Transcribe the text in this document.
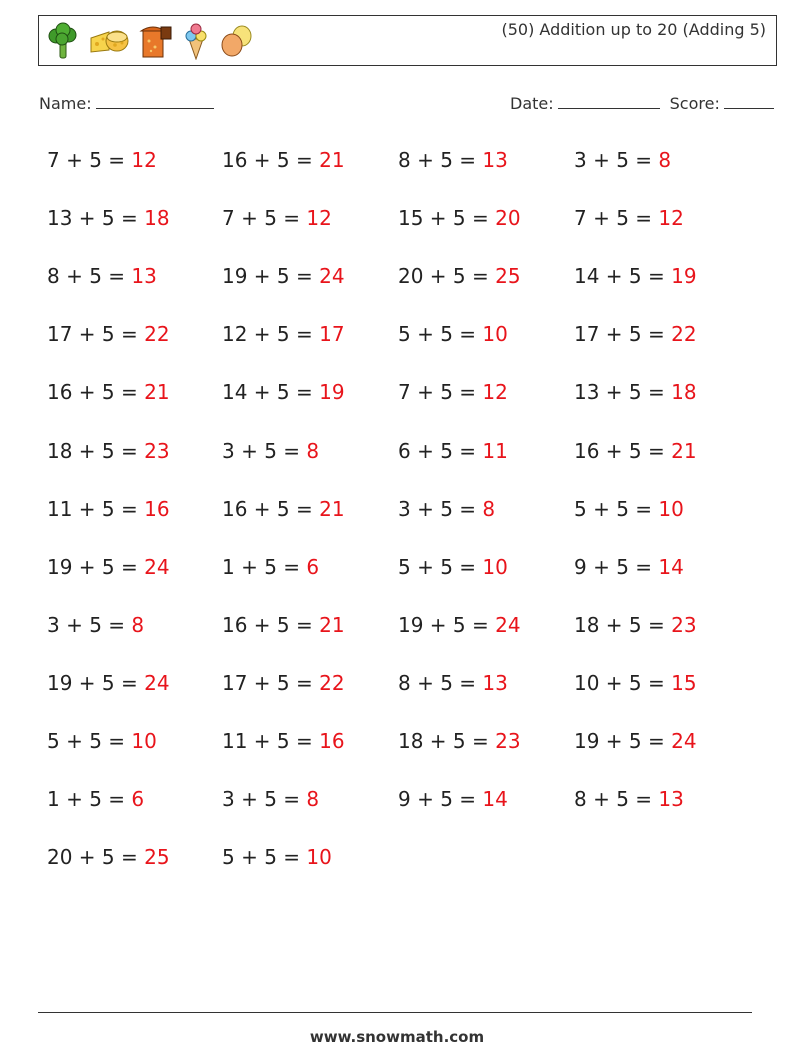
(50) Addition up to 20 (Adding 5)
Name:	Date:	Score:
7 + 5 = 12	16 + 5 = 21	8 + 5 = 13	3 + 5 = 8
13 + 5 = 18	7 + 5 = 12	15 + 5 = 20	7 + 5 = 12
8 + 5 = 13	19 + 5 = 24	20 + 5 = 25	14 + 5 = 19
17 + 5 = 22	12 + 5 = 17	5 + 5 = 10	17 + 5 = 22
16 + 5 = 21	14 + 5 = 19	7 + 5 = 12	13 + 5 = 18
18 + 5 = 23	3 + 5 = 8	6 + 5 = 11	16 + 5 = 21
11 + 5 = 16	16 + 5 = 21	3 + 5 = 8	5 + 5 = 10
19 + 5 = 24	1 + 5 = 6	5 + 5 = 10	9 + 5 = 14
3 + 5 = 8	16 + 5 = 21	19 + 5 = 24	18 + 5 = 23
19 + 5 = 24	17 + 5 = 22	8 + 5 = 13	10 + 5 = 15
5 + 5 = 10	11 + 5 = 16	18 + 5 = 23	19 + 5 = 24
1 + 5 = 6	3 + 5 = 8	9 + 5 = 14	8 + 5 = 13
20 + 5 = 25	5 + 5 = 10
www.snowmath.com
